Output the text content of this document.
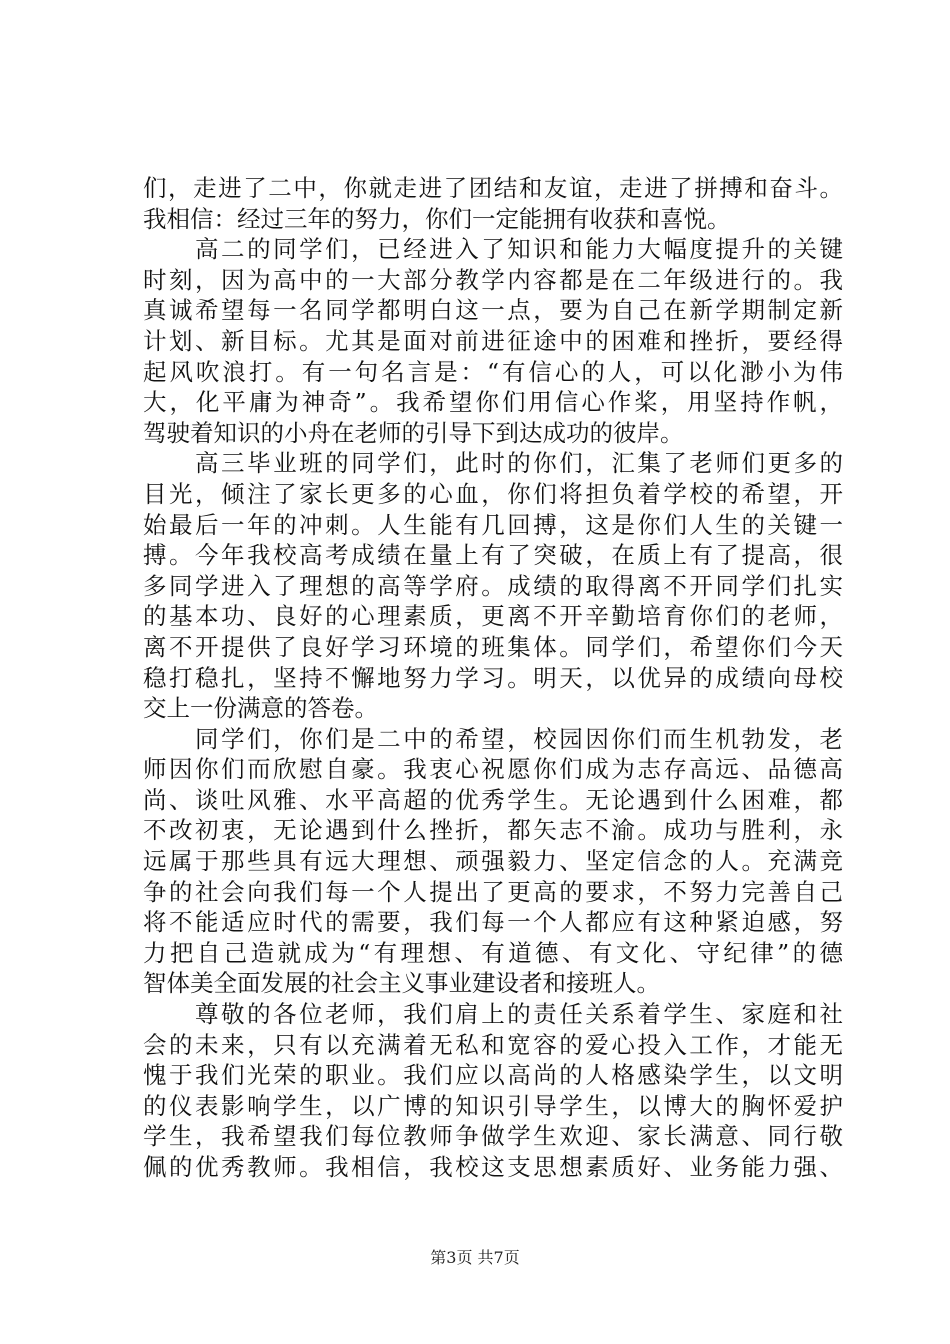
们，走进了二中，你就走进了团结和友谊，走进了拼搏和奋斗。
我相信：经过三年的努力，你们一定能拥有收获和喜悦。
　　高二的同学们，已经进入了知识和能力大幅度提升的关键
时刻，因为高中的一大部分教学内容都是在二年级进行的。我
真诚希望每一名同学都明白这一点，要为自己在新学期制定新
计划、新目标。尤其是面对前进征途中的困难和挫折，要经得
起风吹浪打。有一句名言是：“有信心的人，可以化渺小为伟
大，化平庸为神奇”。我希望你们用信心作桨，用坚持作帆，
驾驶着知识的小舟在老师的引导下到达成功的彼岸。
　　高三毕业班的同学们，此时的你们，汇集了老师们更多的
目光，倾注了家长更多的心血，你们将担负着学校的希望，开
始最后一年的冲刺。人生能有几回搏，这是你们人生的关键一
搏。今年我校高考成绩在量上有了突破，在质上有了提高，很
多同学进入了理想的高等学府。成绩的取得离不开同学们扎实
的基本功、良好的心理素质，更离不开辛勤培育你们的老师，
离不开提供了良好学习环境的班集体。同学们，希望你们今天
稳打稳扎，坚持不懈地努力学习。明天，以优异的成绩向母校
交上一份满意的答卷。
　　同学们，你们是二中的希望，校园因你们而生机勃发，老
师因你们而欣慰自豪。我衷心祝愿你们成为志存高远、品德高
尚、谈吐风雅、水平高超的优秀学生。无论遇到什么困难，都
不改初衷，无论遇到什么挫折，都矢志不渝。成功与胜利，永
远属于那些具有远大理想、顽强毅力、坚定信念的人。充满竞
争的社会向我们每一个人提出了更高的要求，不努力完善自己
将不能适应时代的需要，我们每一个人都应有这种紧迫感，努
力把自己造就成为“有理想、有道德、有文化、守纪律”的德
智体美全面发展的社会主义事业建设者和接班人。
　　尊敬的各位老师，我们肩上的责任关系着学生、家庭和社
会的未来，只有以充满着无私和宽容的爱心投入工作，才能无
愧于我们光荣的职业。我们应以高尚的人格感染学生，以文明
的仪表影响学生，以广博的知识引导学生，以博大的胸怀爱护
学生，我希望我们每位教师争做学生欢迎、家长满意、同行敬
佩的优秀教师。我相信，我校这支思想素质好、业务能力强、
第3页 共7页
